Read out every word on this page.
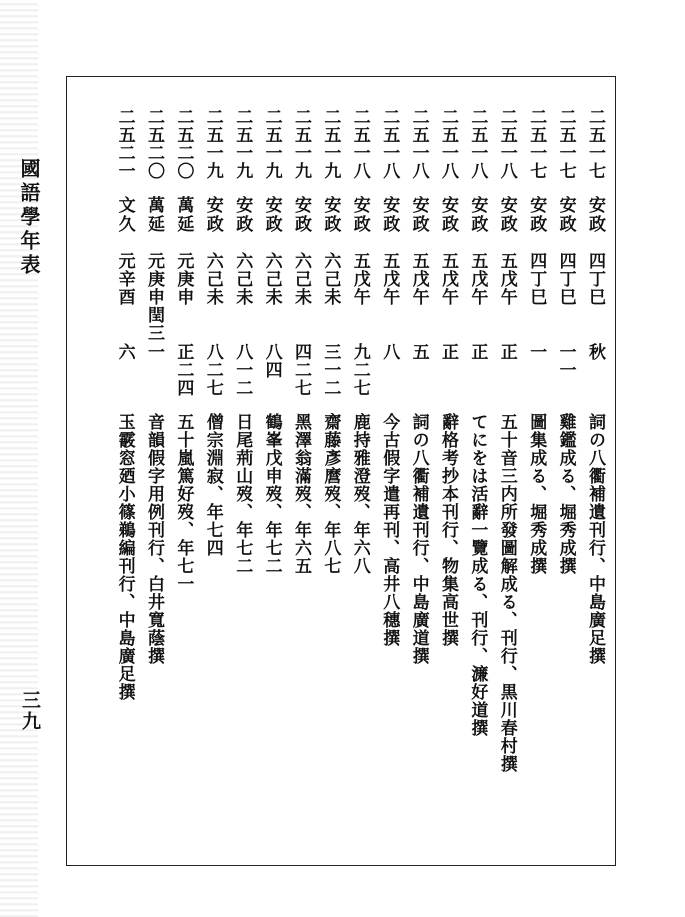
國語學年表
二五一七
安政
四丁巳
秋
詞の八衢補遺刊行、中島廣足撰
二五一七
安政
四丁巳
一一
雞鑑成る、堀秀成撰
二五一七
安政
四丁巳
一
圖集成る、堀秀成撰
二五一八
安政
五戊午
正
五十音三内所發圖解成る、刊行、黒川春村撰
二五一八
安政
五戊午
正
てにをは活辭一覽成る、刊行、濂好道撰
二五一八
安政
五戊午
正
辭格考抄本刊行、物集高世撰
二五一八
安政
五戊午
五
詞の八衢補遺刊行、中島廣道撰
二五一八
安政
五戊午
八
今古假字遣再刊、高井八穗撰
二五一八
安政
五戊午
九二七
鹿持雅澄歿、年六八
二五一九
安政
六己未
三一二
齋藤彥麿歿、年八七
二五一九
安政
六己未
四二七
黑澤翁滿歿、年六五
二五一九
安政
六己未
八四
鶴峯戊申歿、年七二
二五一九
安政
六己未
八一二
日尾荊山歿、年七二
二五一九
安政
六己未
八二七
僧宗淵寂、年七四
二五二〇
萬延
元庚申
正二四
五十嵐篤好歿、年七一
二五二〇
萬延
元庚申閏三
一
音韻假字用例刊行、白井寬蔭撰
二五二一
文久
元辛酉
六
玉霰窓廼小篠鵜編刊行、中島廣足撰
三九
